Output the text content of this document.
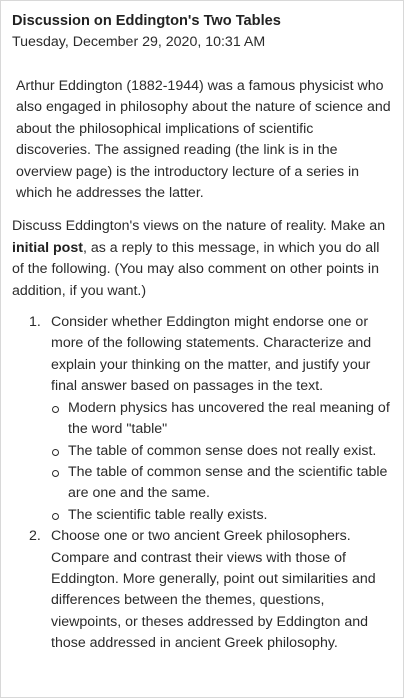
Discussion on Eddington's Two Tables
Tuesday, December 29, 2020, 10:31 AM

Arthur Eddington (1882-1944) was a famous physicist who also engaged in philosophy about the nature of science and about the philosophical implications of scientific discoveries. The assigned reading (the link is in the overview page) is the introductory lecture of a series in which he addresses the latter.

Discuss Eddington's views on the nature of reality. Make an initial post, as a reply to this message, in which you do all of the following. (You may also comment on other points in addition, if you want.)

1. Consider whether Eddington might endorse one or more of the following statements. Characterize and explain your thinking on the matter, and justify your final answer based on passages in the text.
Modern physics has uncovered the real meaning of the word "table"
The table of common sense does not really exist.
The table of common sense and the scientific table are one and the same.
The scientific table really exists.
2. Choose one or two ancient Greek philosophers. Compare and contrast their views with those of Eddington. More generally, point out similarities and differences between the themes, questions, viewpoints, or theses addressed by Eddington and those addressed in ancient Greek philosophy.
